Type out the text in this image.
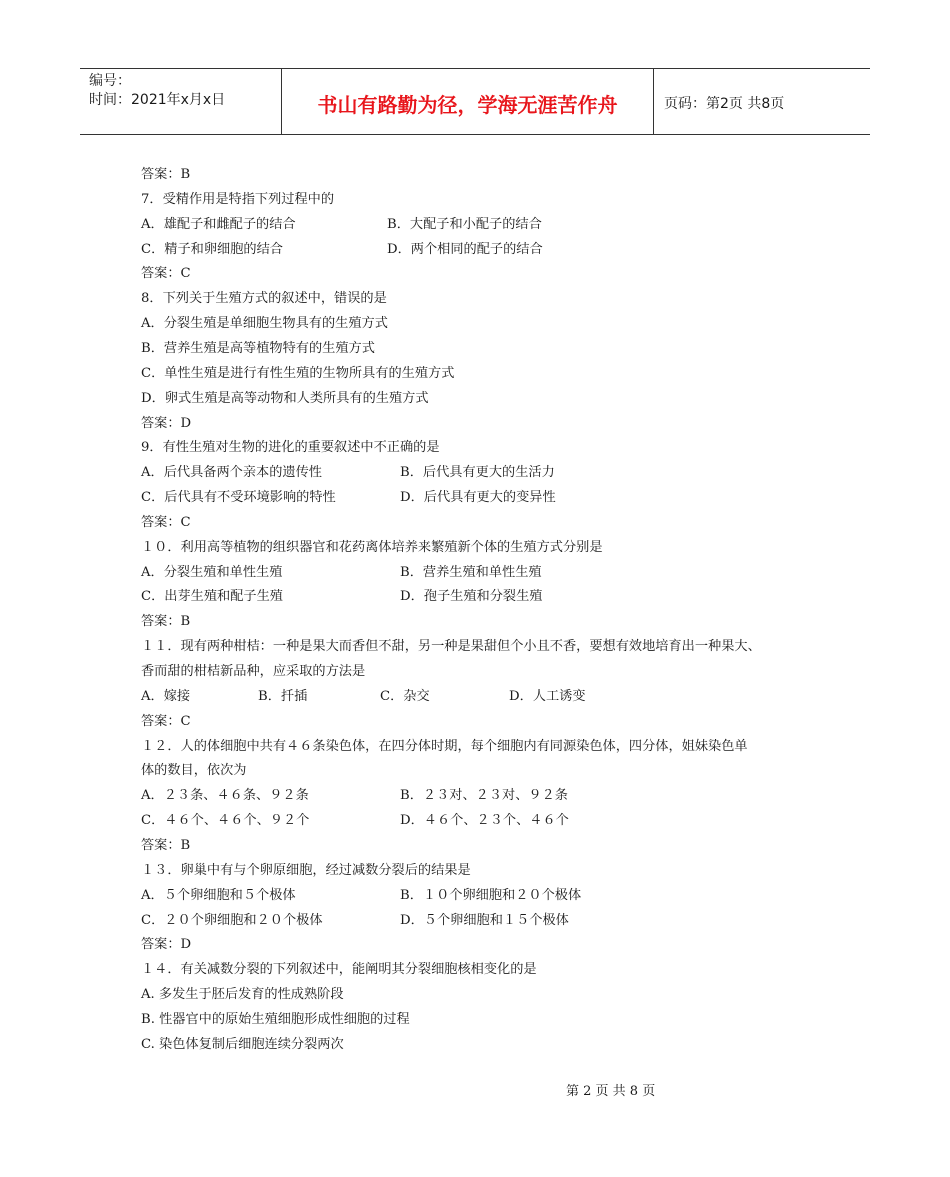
编号：
时间：2021年x月x日	书山有路勤为径，学海无涯苦作舟	页码：第2页 共8页
答案：B
7．受精作用是特指下列过程中的
A．雄配子和雌配子的结合	B．大配子和小配子的结合
C．精子和卵细胞的结合	D．两个相同的配子的结合
答案：C
8．下列关于生殖方式的叙述中，错误的是
A．分裂生殖是单细胞生物具有的生殖方式
B．营养生殖是高等植物特有的生殖方式
C．单性生殖是进行有性生殖的生物所具有的生殖方式
D．卵式生殖是高等动物和人类所具有的生殖方式
答案：D
9．有性生殖对生物的进化的重要叙述中不正确的是
A．后代具备两个亲本的遗传性	B．后代具有更大的生活力
C．后代具有不受环境影响的特性	D．后代具有更大的变异性
答案：C
１０．利用高等植物的组织器官和花药离体培养来繁殖新个体的生殖方式分别是
A．分裂生殖和单性生殖	B．营养生殖和单性生殖
C．出芽生殖和配子生殖	D．孢子生殖和分裂生殖
答案：B
１１．现有两种柑桔：一种是果大而香但不甜，另一种是果甜但个小且不香，要想有效地培育出一种果大、
香而甜的柑桔新品种，应采取的方法是
A．嫁接	B．扦插	C．杂交	D．人工诱变
答案：C
１２．人的体细胞中共有４６条染色体，在四分体时期，每个细胞内有同源染色体，四分体，姐妹染色单
体的数目，依次为
A．２３条、４６条、９２条	B．２３对、２３对、９２条
C．４６个、４６个、９２个	D．４６个、２３个、４６个
答案：B
１３．卵巢中有与个卵原细胞，经过减数分裂后的结果是
A．５个卵细胞和５个极体	B．１０个卵细胞和２０个极体
C．２０个卵细胞和２０个极体	D．５个卵细胞和１５个极体
答案：D
１４．有关减数分裂的下列叙述中，能阐明其分裂细胞核相变化的是
A. 多发生于胚后发育的性成熟阶段
B. 性器官中的原始生殖细胞形成性细胞的过程
C. 染色体复制后细胞连续分裂两次
第 2 页 共 8 页
